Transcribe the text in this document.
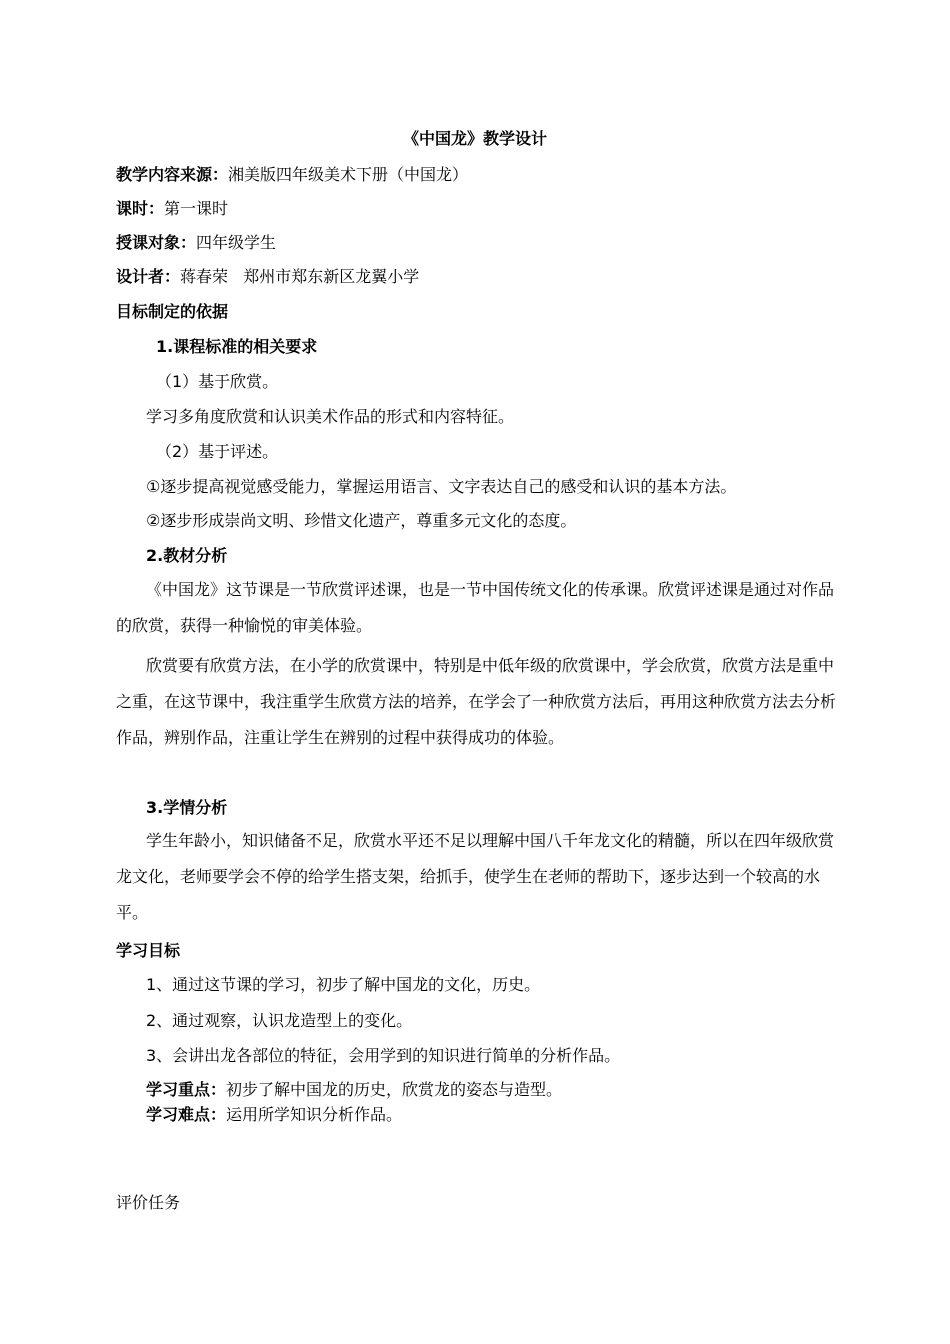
《中国龙》教学设计
教学内容来源：湘美版四年级美术下册（中国龙）
课时：第一课时
授课对象：四年级学生
设计者：蒋春荣   郑州市郑东新区龙翼小学
目标制定的依据
1.课程标准的相关要求
（1）基于欣赏。
学习多角度欣赏和认识美术作品的形式和内容特征。
（2）基于评述。
①逐步提高视觉感受能力，掌握运用语言、文字表达自己的感受和认识的基本方法。
②逐步形成崇尚文明、珍惜文化遗产，尊重多元文化的态度。
2.教材分析
《中国龙》这节课是一节欣赏评述课，也是一节中国传统文化的传承课。欣赏评述课是通过对作品的欣赏，获得一种愉悦的审美体验。
欣赏要有欣赏方法，在小学的欣赏课中，特别是中低年级的欣赏课中，学会欣赏，欣赏方法是重中之重，在这节课中，我注重学生欣赏方法的培养，在学会了一种欣赏方法后，再用这种欣赏方法去分析作品，辨别作品，注重让学生在辨别的过程中获得成功的体验。
3.学情分析
学生年龄小，知识储备不足，欣赏水平还不足以理解中国八千年龙文化的精髓，所以在四年级欣赏龙文化，老师要学会不停的给学生搭支架，给抓手，使学生在老师的帮助下，逐步达到一个较高的水平。
学习目标
1、通过这节课的学习，初步了解中国龙的文化，历史。
2、通过观察，认识龙造型上的变化。
3、会讲出龙各部位的特征，会用学到的知识进行简单的分析作品。
学习重点：初步了解中国龙的历史，欣赏龙的姿态与造型。
学习难点：运用所学知识分析作品。
评价任务
